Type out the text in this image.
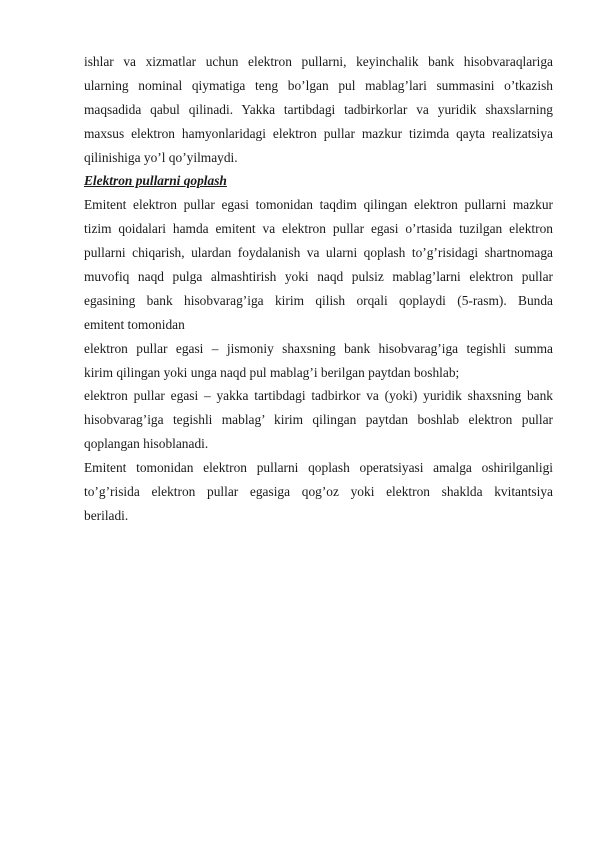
ishlar va xizmatlar uchun elektron pullarni, keyinchalik bank hisobvaraqlariga
ularning nominal qiymatiga teng bo’lgan pul mablag’lari summasini o’tkazish
maqsadida qabul qilinadi. Yakka tartibdagi tadbirkorlar va yuridik shaxslarning
maxsus elektron hamyonlaridagi elektron pullar mazkur tizimda qayta realizatsiya
qilinishiga yo’l qo’yilmaydi.
Elektron pullarni qoplash
Emitent elektron pullar egasi tomonidan taqdim qilingan elektron pullarni mazkur
tizim qoidalari hamda emitent va elektron pullar egasi o’rtasida tuzilgan elektron
pullarni chiqarish, ulardan foydalanish va ularni qoplash to’g’risidagi shartnomaga
muvofiq naqd pulga almashtirish yoki naqd pulsiz mablag’larni elektron pullar
egasining bank hisobvarag’iga kirim qilish orqali qoplaydi (5-rasm). Bunda
emitent tomonidan
elektron pullar egasi – jismoniy shaxsning bank hisobvarag’iga tegishli summa
kirim qilingan yoki unga naqd pul mablag’i berilgan paytdan boshlab;
elektron pullar egasi – yakka tartibdagi tadbirkor va (yoki) yuridik shaxsning bank
hisobvarag’iga tegishli mablag’ kirim qilingan paytdan boshlab elektron pullar
qoplangan hisoblanadi.
Emitent tomonidan elektron pullarni qoplash operatsiyasi amalga oshirilganligi
to’g’risida elektron pullar egasiga qog’oz yoki elektron shaklda kvitantsiya
beriladi.
